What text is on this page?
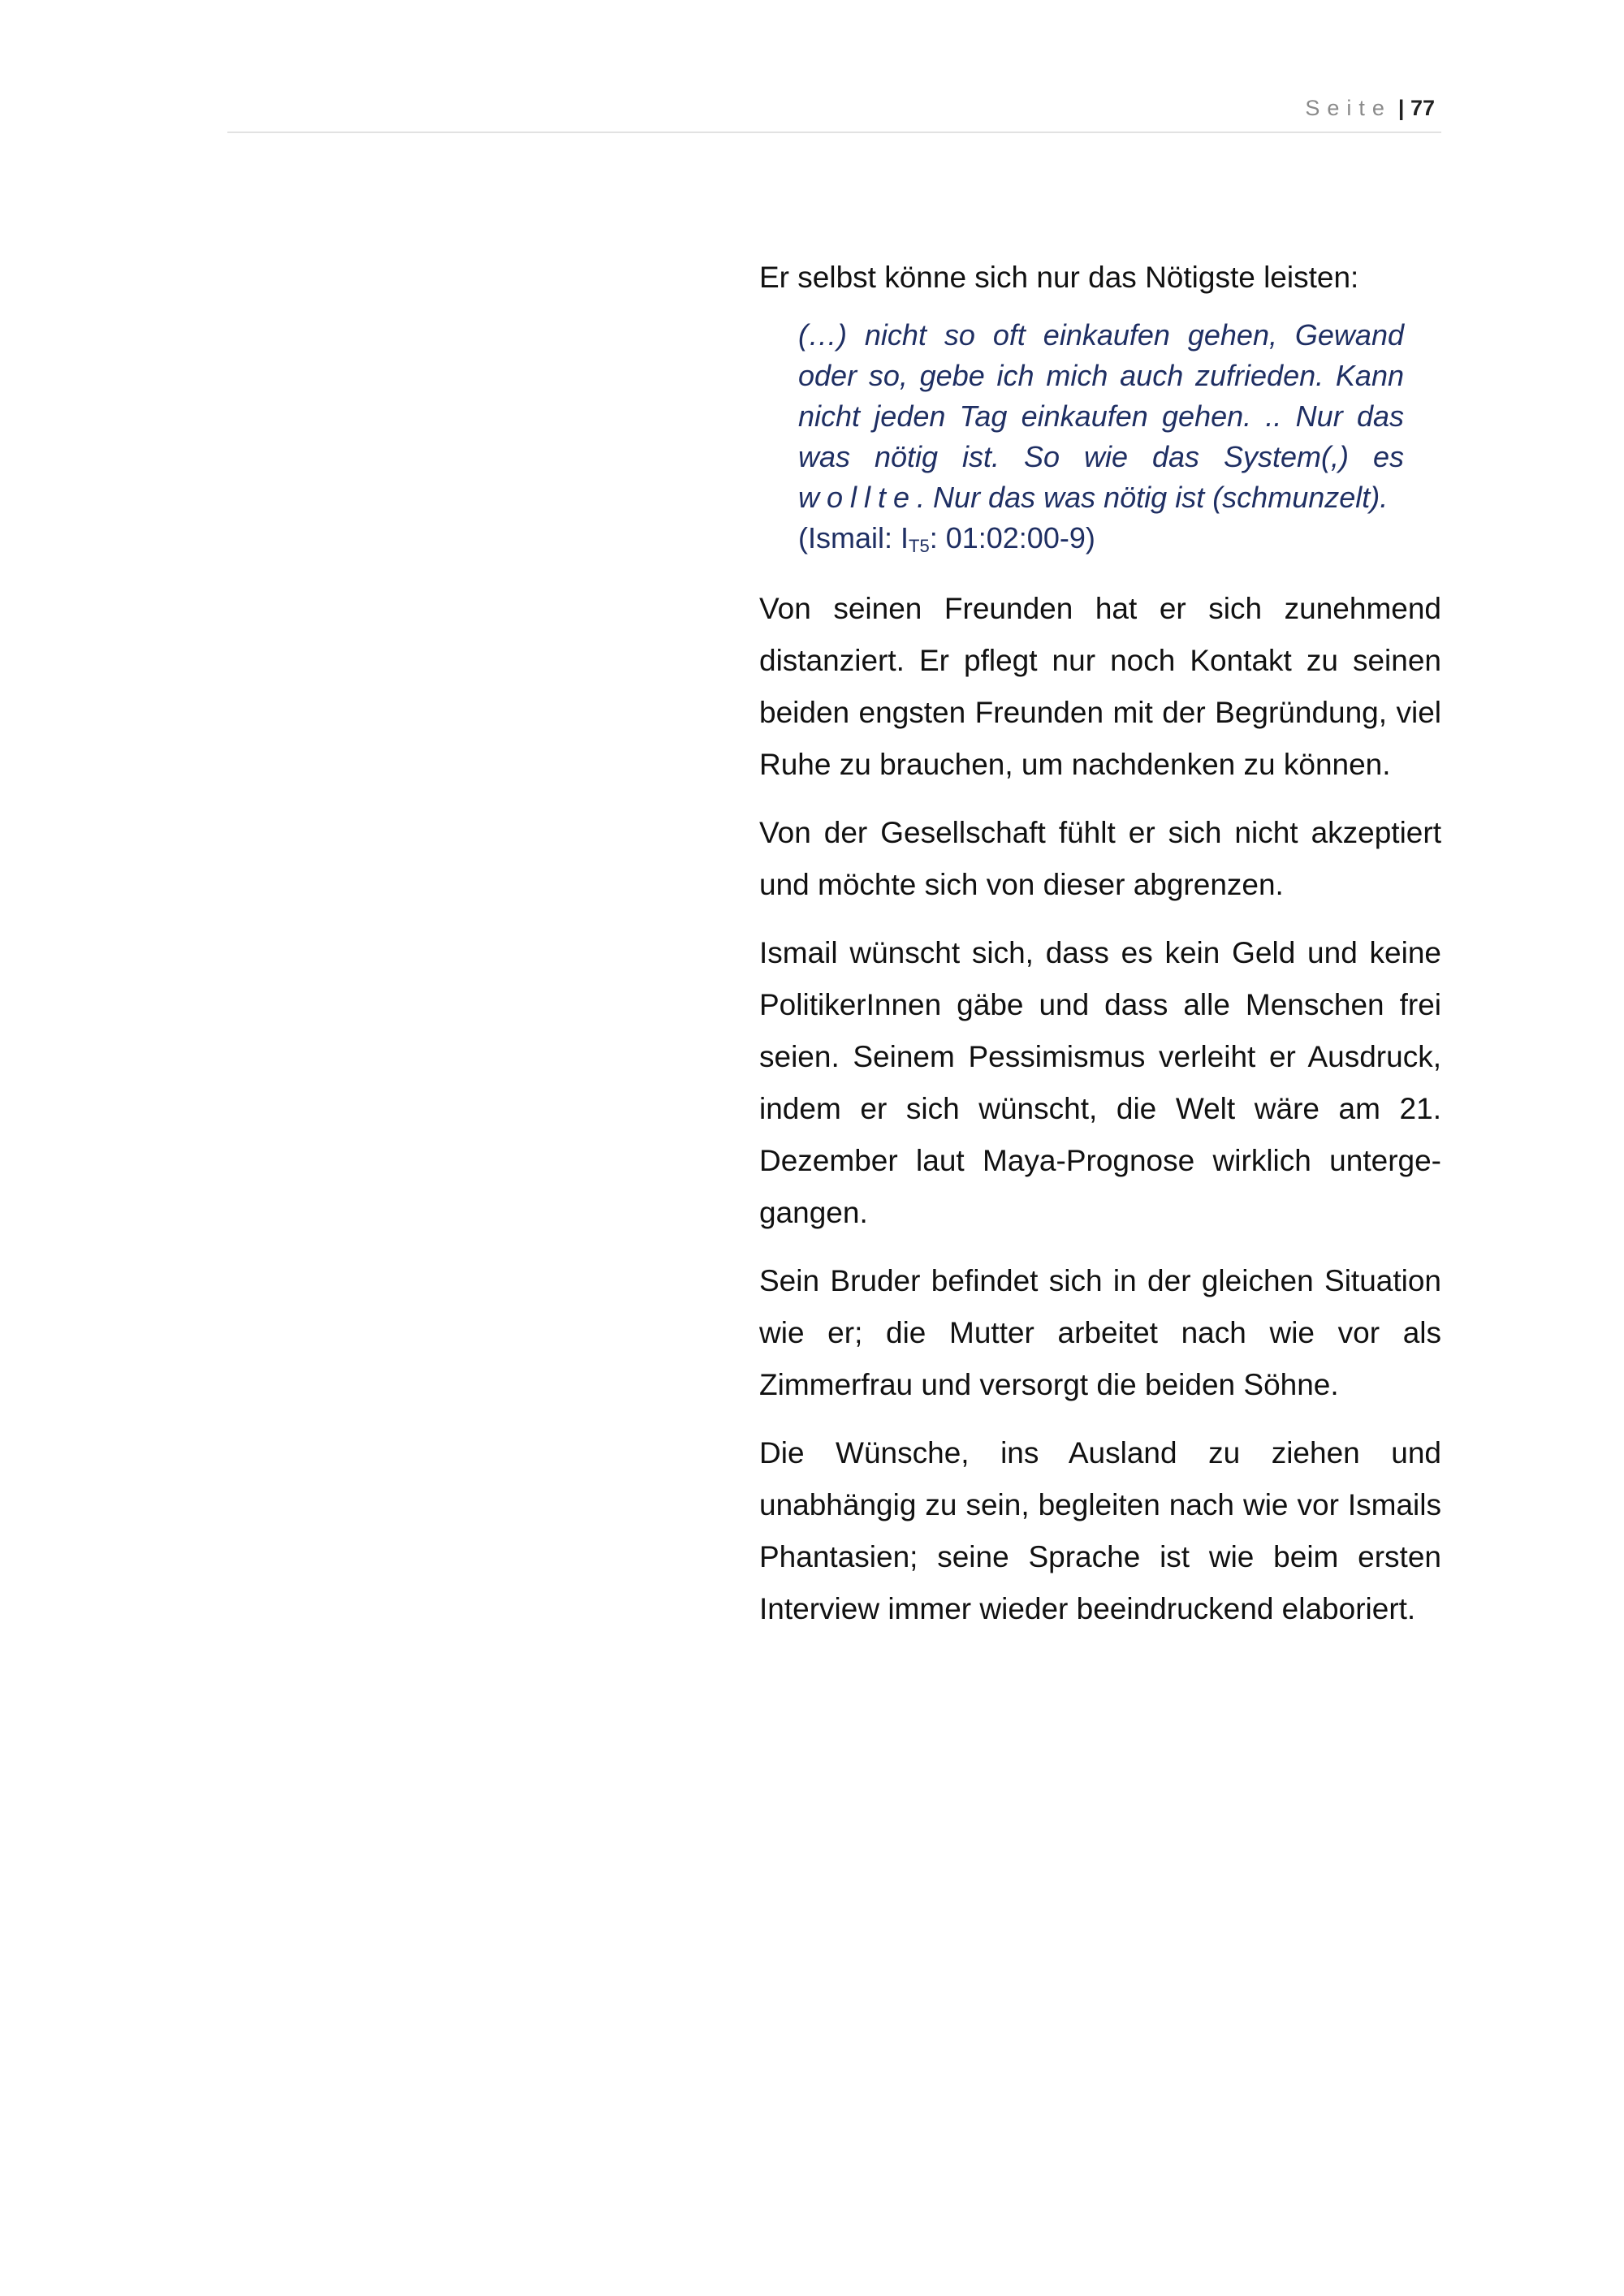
Seite | 77

Er selbst könne sich nur das Nötigste leisten:

(…) nicht so oft einkaufen gehen, Gewand oder so, gebe ich mich auch zufrieden. Kann nicht jeden Tag einkaufen gehen. .. Nur das was nötig ist. So wie das System(,) es wollte. Nur das was nötig ist (schmunzelt).

(Ismail: IT5: 01:02:00-9)

Von seinen Freunden hat er sich zunehmend distanziert. Er pflegt nur noch Kontakt zu seinen beiden engsten Freunden mit der Begründung, viel Ruhe zu brauchen, um nachdenken zu können.

Von der Gesellschaft fühlt er sich nicht akzeptiert und möchte sich von dieser abgrenzen.

Ismail wünscht sich, dass es kein Geld und keine PolitikerInnen gäbe und dass alle Menschen frei seien. Seinem Pessimismus verleiht er Ausdruck, indem er sich wünscht, die Welt wäre am 21. Dezember laut Maya-Prognose wirklich unterge-gangen.

Sein Bruder befindet sich in der gleichen Situation wie er; die Mutter arbeitet nach wie vor als Zimmerfrau und versorgt die beiden Söhne.

Die Wünsche, ins Ausland zu ziehen und unabhängig zu sein, begleiten nach wie vor Ismails Phantasien; seine Sprache ist wie beim ersten Interview immer wieder beeindruckend elaboriert.
